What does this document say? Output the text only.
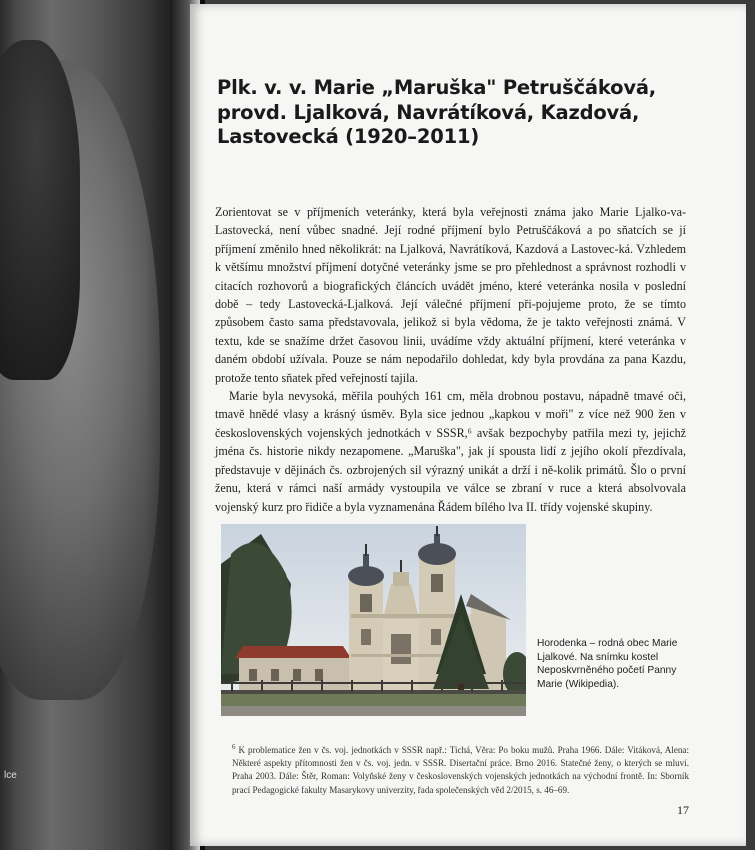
lce
Plk. v. v. Marie „Maruška" Petruščáková, provd. Ljalková, Navrátíková, Kazdová, Lastovecká (1920–2011)

Zorientovat se v příjmeních veteránky, která byla veřejnosti známa jako Marie Ljalko-va-Lastovecká, není vůbec snadné. Její rodné příjmení bylo Petruščáková a po sňatcích se jí příjmení změnilo hned několikrát: na Ljalková, Navrátíková, Kazdová a Lastovec-ká. Vzhledem k většímu množství příjmení dotyčné veteránky jsme se pro přehlednost a správnost rozhodli v citacích rozhovorů a biografických článcích uvádět jméno, které veteránka nosila v poslední době – tedy Lastovecká-Ljalková. Její válečné příjmení při-pojujeme proto, že se tímto způsobem často sama představovala, jelikož si byla vědoma, že je takto veřejnosti známá. V textu, kde se snažíme držet časovou linii, uvádíme vždy aktuální příjmení, které veteránka v daném období užívala. Pouze se nám nepodařilo dohledat, kdy byla provdána za pana Kazdu, protože tento sňatek před veřejností tajila.

Marie byla nevysoká, měřila pouhých 161 cm, měla drobnou postavu, nápadně tmavé oči, tmavě hnědé vlasy a krásný úsměv. Byla sice jednou „kapkou v moři" z více než 900 žen v československých vojenských jednotkách v SSSR,⁶ avšak bezpochyby patřila mezi ty, jejichž jména čs. historie nikdy nezapomene. „Maruška", jak jí spousta lidí z jejího okolí přezdívala, představuje v dějinách čs. ozbrojených sil výrazný unikát a drží i ně-kolik primátů. Šlo o první ženu, která v rámci naší armády vystoupila ve válce se zbraní v ruce a která absolvovala vojenský kurz pro řidiče a byla vyznamenána Řádem bílého lva II. třídy vojenské skupiny.

Horodenka – rodná obec Marie Ljalkové. Na snímku kostel Neposkvrněného početí Panny Marie (Wikipedia).
$^6$ K problematice žen v čs. voj. jednotkách v SSSR např.: Tichá, Věra: Po boku mužů. Praha 1966. Dále: Vitáková, Alena: Některé aspekty přítomnosti žen v čs. voj. jedn. v SSSR. Disertační práce. Brno 2016. Statečné ženy, o kterých se mluví. Praha 2003. Dále: Štěr, Roman: Volyňské ženy v československých vojenských jednotkách na východní frontě. In: Sborník prací Pedagogické fakulty Masarykovy univerzity, řada společenských věd 2/2015, s. 46–69.
17
